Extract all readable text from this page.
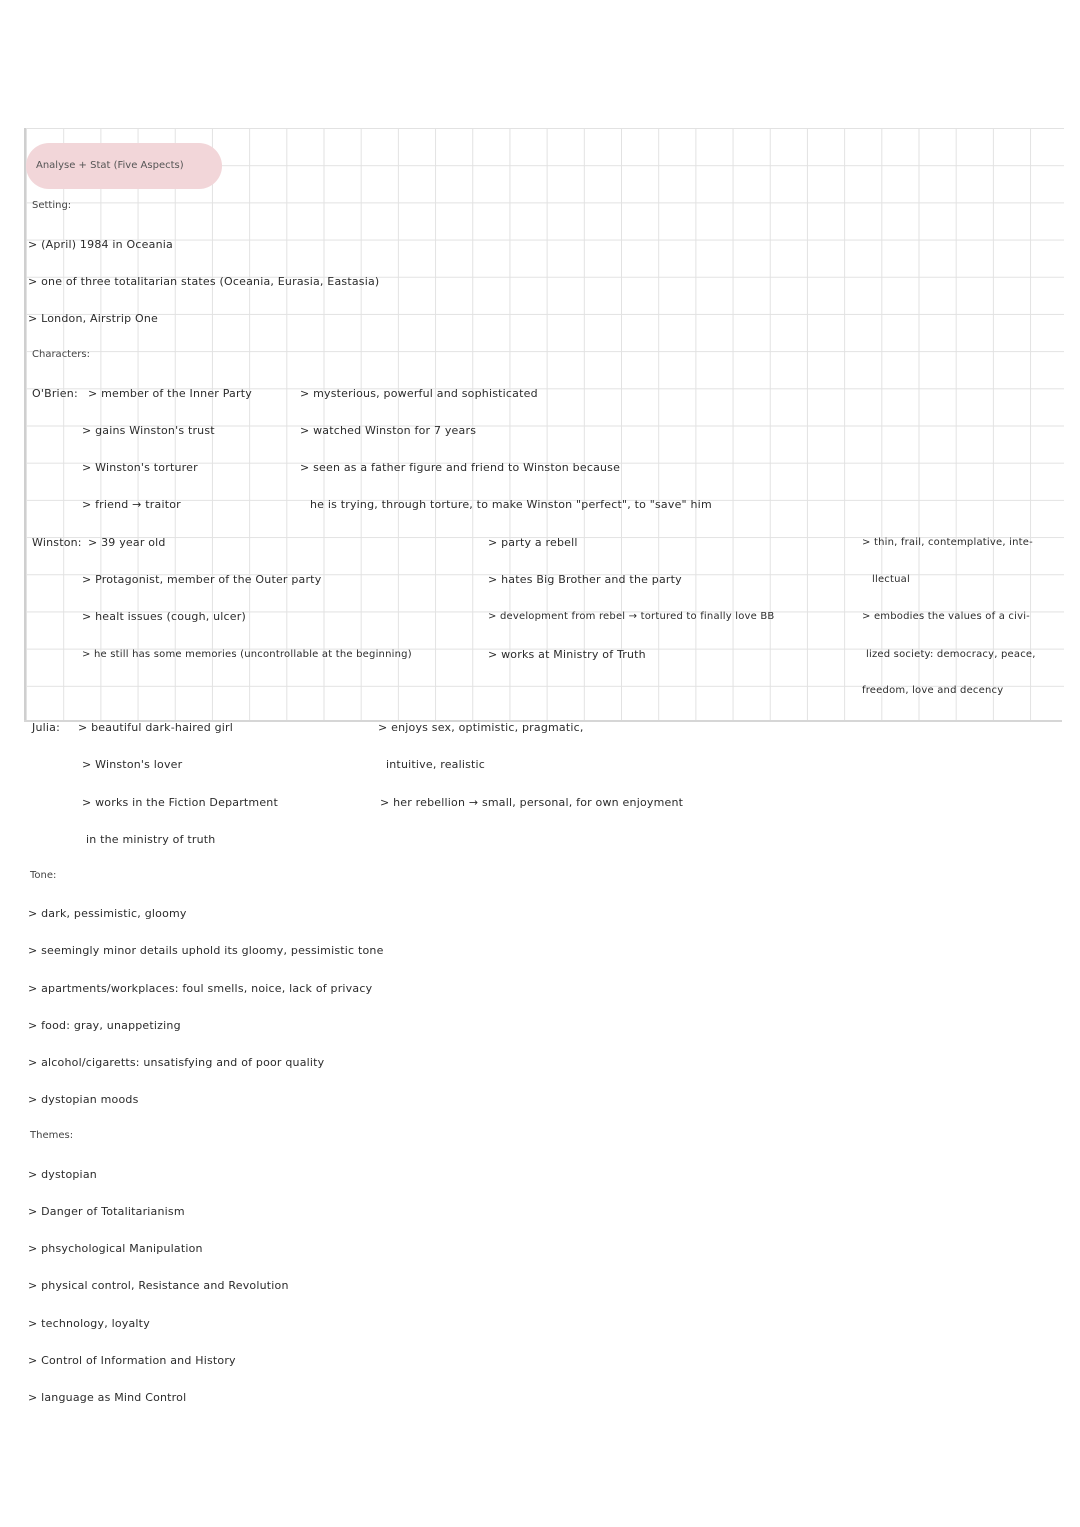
Analyse + Stat (Five Aspects)
Setting:
> (April) 1984 in Oceania
> one of three totalitarian states (Oceania, Eurasia, Eastasia)
> London, Airstrip One
Characters:
O'Brien: > member of the Inner Party
> gains Winston's trust
> Winston's torturer
> friend → traitor
> mysterious, powerful and sophisticated
> watched Winston for 7 years
> seen as a father figure and friend to Winston because
he is trying, through torture, to make Winston "perfect", to "save" him
Winston: > 39 year old
> Protagonist, member of the Outer party
> healt issues (cough, ulcer)
> he still has some memories (uncontrollable at the beginning)
> party a rebell
> hates Big Brother and the party
> development from rebel → tortured to finally love BB
> works at Ministry of Truth
> thin, frail, contemplative, inte-
llectual
> embodies the values of a civi-
lized society: democracy, peace,
freedom, love and decency
Julia: > beautiful dark-haired girl
> Winston's lover
> works in the Fiction Department
in the ministry of truth
> enjoys sex, optimistic, pragmatic,
intuitive, realistic
> her rebellion → small, personal, for own enjoyment
Tone:
> dark, pessimistic, gloomy
> seemingly minor details uphold its gloomy, pessimistic tone
> apartments/workplaces: foul smells, noice, lack of privacy
> food: gray, unappetizing
> alcohol/cigaretts: unsatisfying and of poor quality
> dystopian moods
Themes:
> dystopian
> Danger of Totalitarianism
> phsychological Manipulation
> physical control, Resistance and Revolution
> technology, loyalty
> Control of Information and History
> language as Mind Control
